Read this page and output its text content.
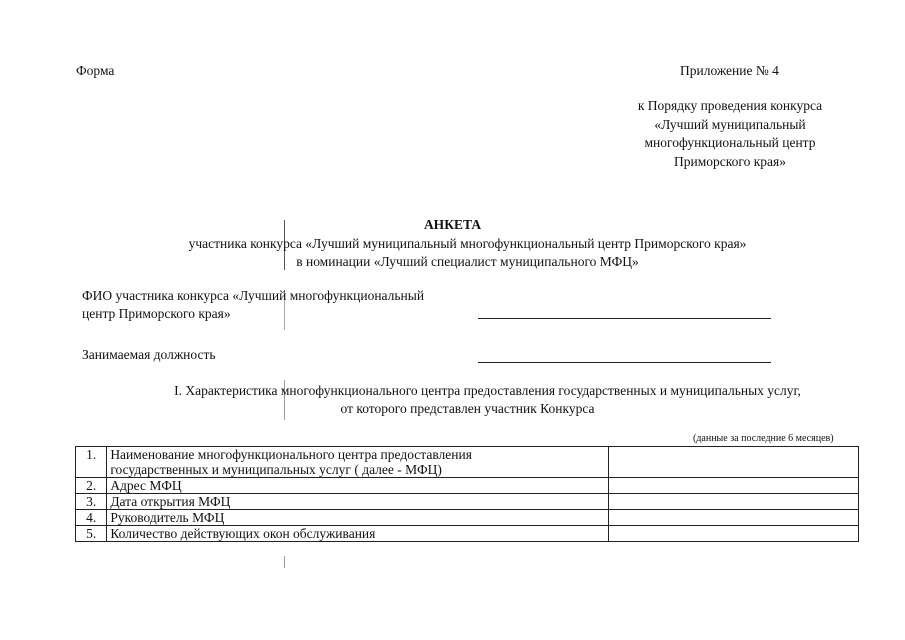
Форма	Приложение № 4
к Порядку проведения конкурса
«Лучший муниципальный
многофункциональный центр
Приморского края»
АНКЕТА
участника конкурса «Лучший муниципальный многофункциональный центр Приморского края»
в номинации «Лучший специалист муниципального МФЦ»
ФИО участника конкурса «Лучший многофункциональный
центр Приморского края»
Занимаемая должность
I. Характеристика многофункционального центра предоставления государственных и муниципальных услуг,
от которого представлен участник Конкурса
(данные за последние 6 месяцев)
1.	Наименование многофункционального центра предоставления
государственных и муниципальных услуг ( далее - МФЦ)	

2.	Адрес МФЦ	
3.	Дата открытия МФЦ	
4.	Руководитель МФЦ	
5.	Количество действующих окон обслуживания	
